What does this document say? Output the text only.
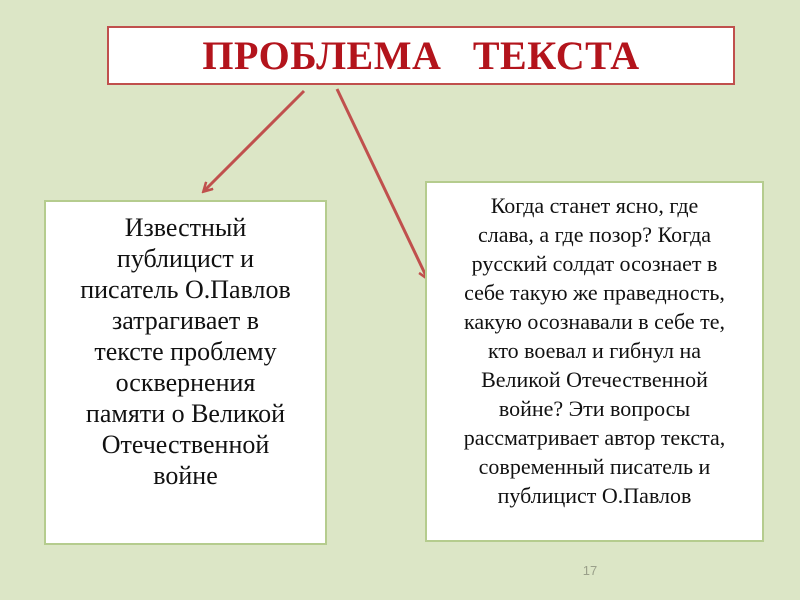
ПРОБЛЕМА   ТЕКСТА
Известный
публицист и
писатель О.Павлов
затрагивает в
тексте проблему
осквернения
памяти о Великой
Отечественной
войне
Когда станет ясно, где
слава, а где позор? Когда
русский солдат осознает в
себе такую же праведность,
какую осознавали в себе те,
кто воевал и гибнул на
Великой Отечественной
войне? Эти вопросы
рассматривает автор текста,
современный писатель и
публицист О.Павлов
17
